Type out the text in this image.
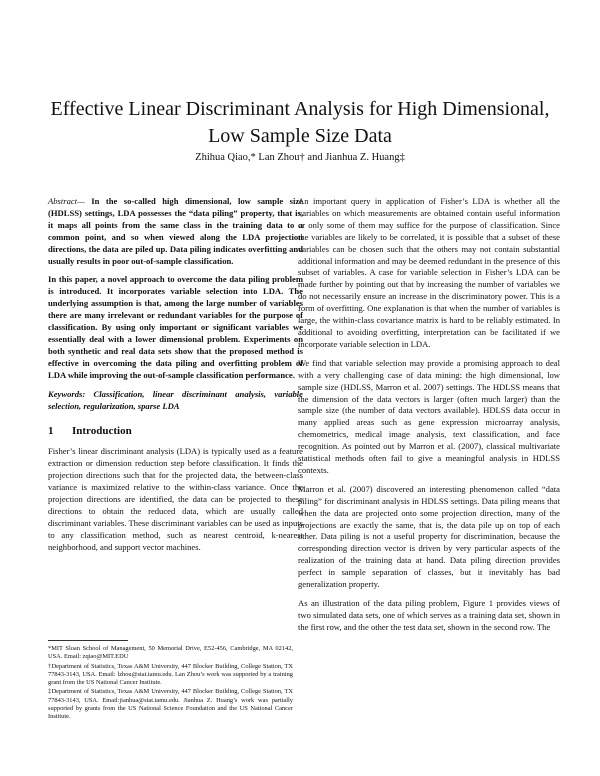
Effective Linear Discriminant Analysis for High Dimensional, Low Sample Size Data
Zhihua Qiao,* Lan Zhou† and Jianhua Z. Huang‡

Abstract— In the so-called high dimensional, low sample size (HDLSS) settings, LDA possesses the “data piling” property, that is, it maps all points from the same class in the training data to a common point, and so when viewed along the LDA projection directions, the data are piled up. Data piling indicates overfitting and usually results in poor out-of-sample classification.

In this paper, a novel approach to overcome the data piling problem is introduced. It incorporates variable selection into LDA. The underlying assumption is that, among the large number of variables there are many irrelevant or redundant variables for the purpose of classification. By using only important or significant variables we essentially deal with a lower dimensional problem. Experiments on both synthetic and real data sets show that the proposed method is effective in overcoming the data piling and overfitting problem of LDA while improving the out-of-sample classification performance.

Keywords: Classification, linear discriminant analysis, variable selection, regularization, sparse LDA

1 Introduction

Fisher’s linear discriminant analysis (LDA) is typically used as a feature extraction or dimension reduction step before classification. It finds the projection directions such that for the projected data, the between-class variance is maximized relative to the within-class variance. Once the projection directions are identified, the data can be projected to these directions to obtain the reduced data, which are usually called discriminant variables. These discriminant variables can be used as inputs to any classification method, such as nearest centroid, k-nearest neighborhood, and support vector machines.

*MIT Sloan School of Management, 50 Memorial Drive, E52-456, Cambridge, MA 02142, USA. Email: zqiao@MIT.EDU

†Department of Statistics, Texas A&M University, 447 Blocker Building, College Station, TX 77843-3143, USA. Email: lzhou@stat.tamu.edu. Lan Zhou’s work was supported by a training grant from the US National Cancer Institute.

‡Department of Statistics, Texas A&M University, 447 Blocker Building, College Station, TX 77843-3143, USA. Email:jianhua@stat.tamu.edu. Jianhua Z. Huang’s work was partially supported by grants from the US National Science Foundation and the US National Cancer Institute.

An important query in application of Fisher’s LDA is whether all the variables on which measurements are obtained contain useful information or only some of them may suffice for the purpose of classification. Since the variables are likely to be correlated, it is possible that a subset of these variables can be chosen such that the others may not contain substantial additional information and may be deemed redundant in the presence of this subset of variables. A case for variable selection in Fisher’s LDA can be made further by pointing out that by increasing the number of variables we do not necessarily ensure an increase in the discriminatory power. This is a form of overfitting. One explanation is that when the number of variables is large, the within-class covariance matrix is hard to be reliably estimated. In additional to avoiding overfitting, interpretation can be facilitated if we incorporate variable selection in LDA.

We find that variable selection may provide a promising approach to deal with a very challenging case of data mining: the high dimensional, low sample size (HDLSS, Marron et al. 2007) settings. The HDLSS means that the dimension of the data vectors is larger (often much larger) than the sample size (the number of data vectors available). HDLSS data occur in many applied areas such as gene expression microarray analysis, chemometrics, medical image analysis, text classification, and face recognition. As pointed out by Marron et al. (2007), classical multivariate statistical methods often fail to give a meaningful analysis in HDLSS contexts.

Marron et al. (2007) discovered an interesting phenomenon called “data piling” for discriminant analysis in HDLSS settings. Data piling means that when the data are projected onto some projection direction, many of the projections are exactly the same, that is, the data pile up on top of each other. Data piling is not a useful property for discrimination, because the corresponding direction vector is driven by very particular aspects of the realization of the training data at hand. Data piling direction provides perfect in sample separation of classes, but it inevitably has bad generalization property.

As an illustration of the data piling problem, Figure 1 provides views of two simulated data sets, one of which serves as a training data set, shown in the first row, and the other the test data set, shown in the second row. The
